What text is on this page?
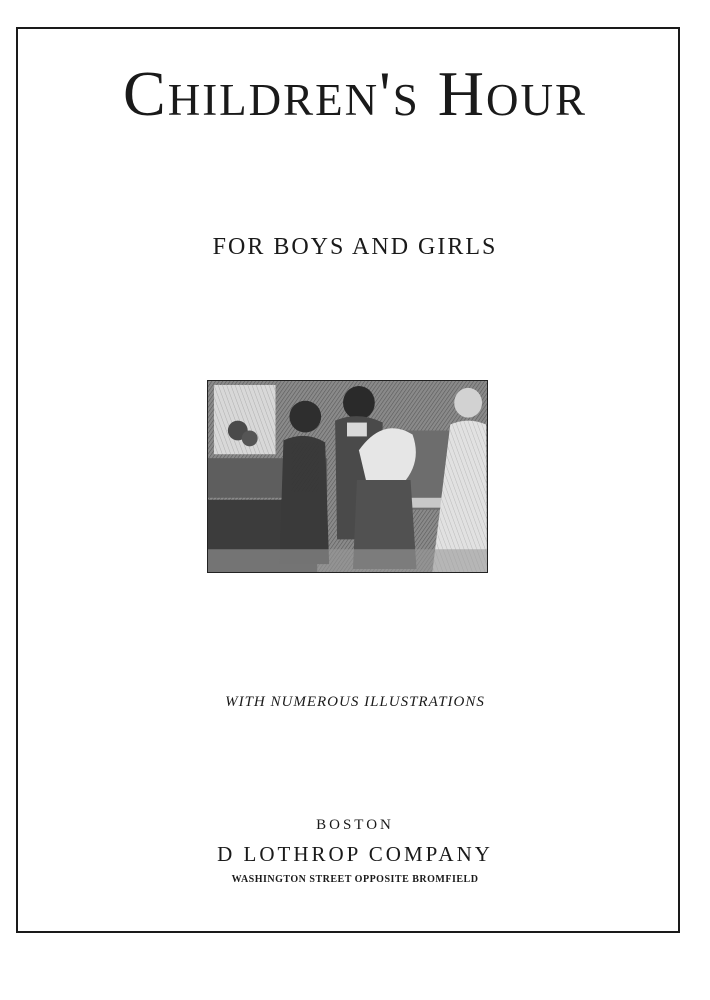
Children's Hour

FOR BOYS AND GIRLS

WITH NUMEROUS ILLUSTRATIONS
BOSTON
D LOTHROP COMPANY
WASHINGTON STREET OPPOSITE BROMFIELD
